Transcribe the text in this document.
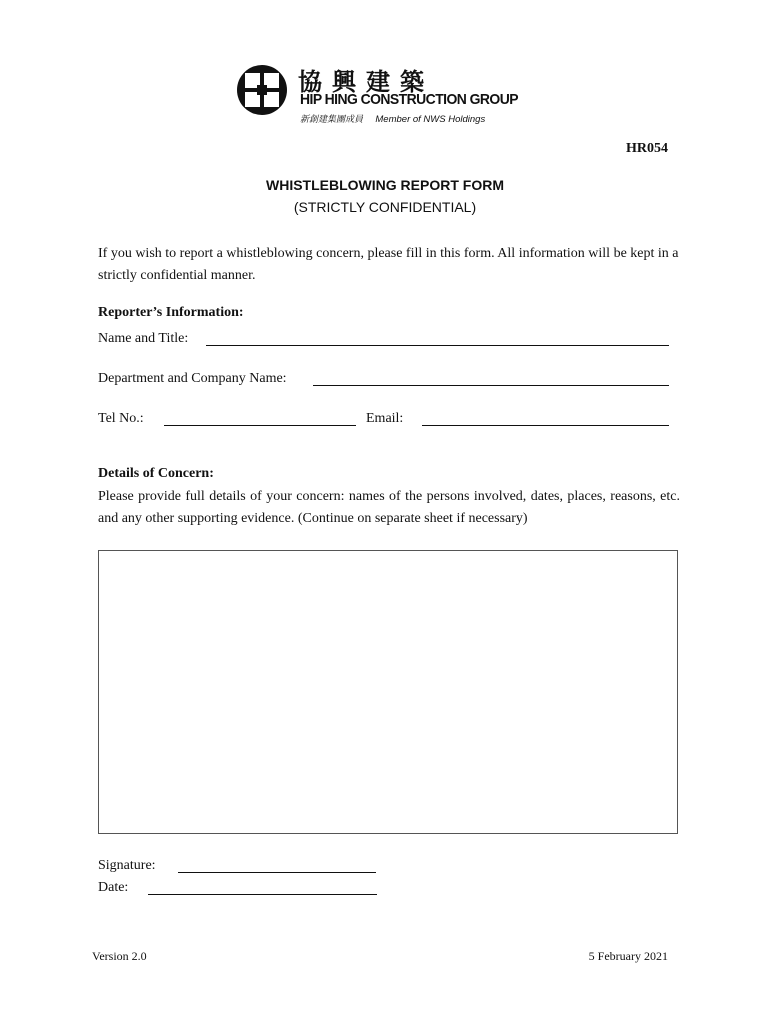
協興建築
HIP HING CONSTRUCTION GROUP
新創建集團成員 Member of NWS Holdings
HR054
WHISTLEBLOWING REPORT FORM
(STRICTLY CONFIDENTIAL)
If you wish to report a whistleblowing concern, please fill in this form. All information will be kept in a strictly confidential manner.
Reporter’s Information:
Name and Title:
Department and Company Name:
Tel No.:	Email:
Details of Concern:
Please provide full details of your concern: names of the persons involved, dates, places, reasons, etc. and any other supporting evidence. (Continue on separate sheet if necessary)
Signature:
Date:
Version 2.0	5 February 2021
